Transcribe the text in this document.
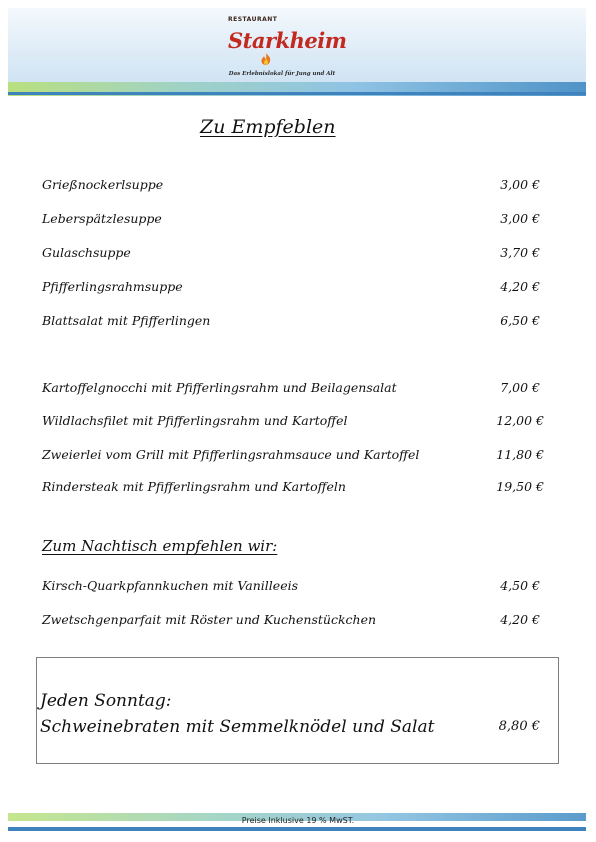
RESTAURANT
Starkheim
Das Erlebnislokal für Jung und Alt
Zu Empfeblen
Grießnockerlsuppe	3,00 €
Leberspätzlesuppe	3,00 €
Gulaschsuppe	3,70 €
Pfifferlingsrahmsuppe	4,20 €
Blattsalat mit Pfifferlingen	6,50 €
Kartoffelgnocchi mit Pfifferlingsrahm und Beilagensalat	7,00 €
Wildlachsfilet mit Pfifferlingsrahm und Kartoffel	12,00 €
Zweierlei vom Grill mit Pfifferlingsrahmsauce und Kartoffel	11,80 €
Rindersteak mit Pfifferlingsrahm und Kartoffeln	19,50 €
Zum Nachtisch empfehlen wir:
Kirsch-Quarkpfannkuchen mit Vanilleeis	4,50 €
Zwetschgenparfait mit Röster und Kuchenstückchen	4,20 €
Jeden Sonntag:
Schweinebraten mit Semmelknödel und Salat	8,80 €
Preise Inklusive 19 % MwST.
